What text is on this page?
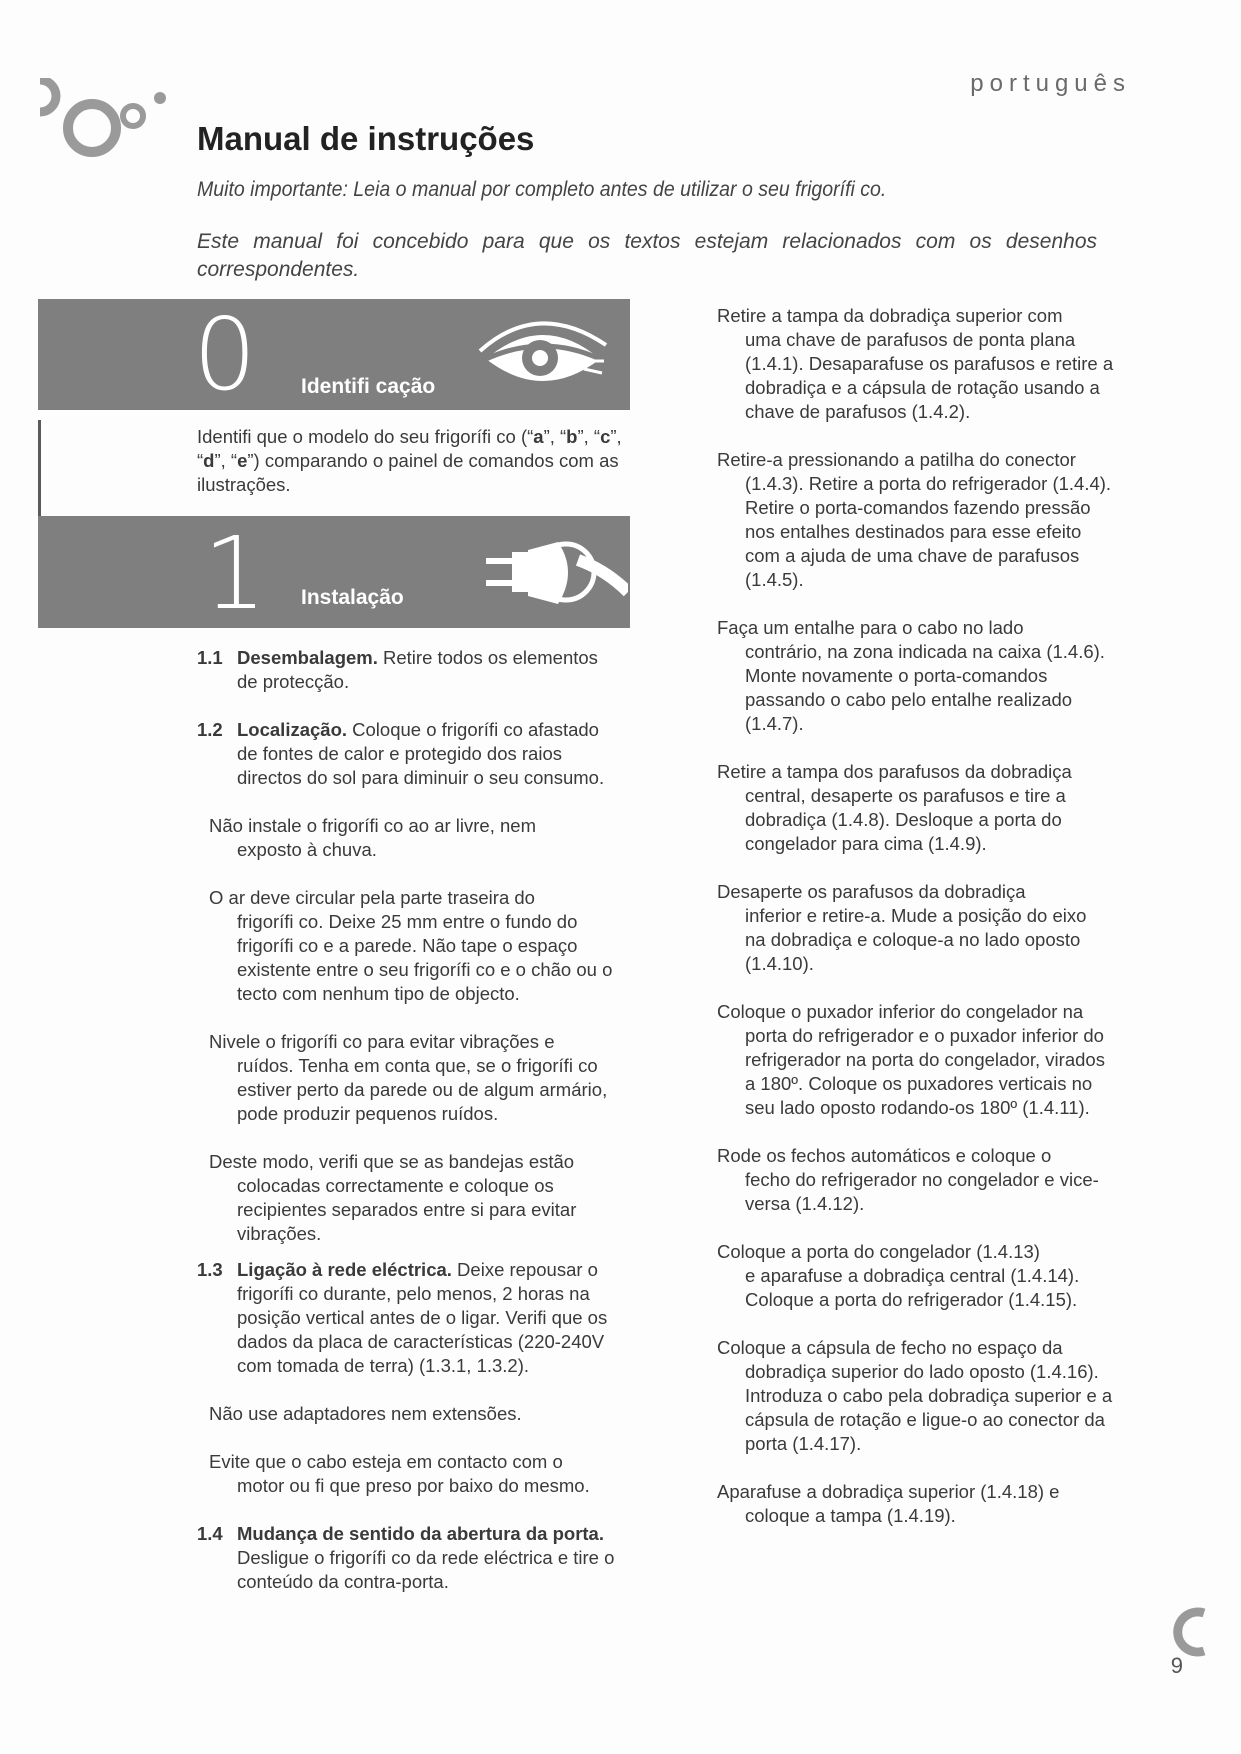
português
Manual de instruções
Muito importante: Leia o manual por completo antes de utilizar o seu frigorífi co.
Este manual foi concebido para que os textos estejam relacionados com os desenhos correspondentes.
0 Identifi cação
Identifi que o modelo do seu frigorífi co (“a”, “b”, “c”, “d”, “e”) comparando o painel de comandos com as ilustrações.
1 Instalação
1.1 Desembalagem. Retire todos os elementos
de protecção.
1.2 Localização. Coloque o frigorífi co afastado
de fontes de calor e protegido dos raios
directos do sol para diminuir o seu consumo.
Não instale o frigorífi co ao ar livre, nem
exposto à chuva.
O ar deve circular pela parte traseira do
frigorífi co. Deixe 25 mm entre o fundo do
frigorífi co e a parede. Não tape o espaço
existente entre o seu frigorífi co e o chão ou o
tecto com nenhum tipo de objecto.
Nivele o frigorífi co para evitar vibrações e
ruídos. Tenha em conta que, se o frigorífi co
estiver perto da parede ou de algum armário,
pode produzir pequenos ruídos.
Deste modo, verifi que se as bandejas estão
colocadas correctamente e coloque os
recipientes separados entre si para evitar
vibrações.
1.3 Ligação à rede eléctrica. Deixe repousar o
frigorífi co durante, pelo menos, 2 horas na
posição vertical antes de o ligar. Verifi que os
dados da placa de características (220-240V
com tomada de terra) (1.3.1, 1.3.2).
Não use adaptadores nem extensões.
Evite que o cabo esteja em contacto com o
motor ou fi que preso por baixo do mesmo.
1.4 Mudança de sentido da abertura da porta.
Desligue o frigorífi co da rede eléctrica e tire o
conteúdo da contra-porta.
Retire a tampa da dobradiça superior com
uma chave de parafusos de ponta plana
(1.4.1). Desaparafuse os parafusos e retire a
dobradiça e a cápsula de rotação usando a
chave de parafusos (1.4.2).
Retire-a pressionando a patilha do conector
(1.4.3). Retire a porta do refrigerador (1.4.4).
Retire o porta-comandos fazendo pressão
nos entalhes destinados para esse efeito
com a ajuda de uma chave de parafusos
(1.4.5).
Faça um entalhe para o cabo no lado
contrário, na zona indicada na caixa (1.4.6).
Monte novamente o porta-comandos
passando o cabo pelo entalhe realizado
(1.4.7).
Retire a tampa dos parafusos da dobradiça
central, desaperte os parafusos e tire a
dobradiça (1.4.8). Desloque a porta do
congelador para cima (1.4.9).
Desaperte os parafusos da dobradiça
inferior e retire-a. Mude a posição do eixo
na dobradiça e coloque-a no lado oposto
(1.4.10).
Coloque o puxador inferior do congelador na
porta do refrigerador e o puxador inferior do
refrigerador na porta do congelador, virados
a 180º. Coloque os puxadores verticais no
seu lado oposto rodando-os 180º (1.4.11).
Rode os fechos automáticos e coloque o
fecho do refrigerador no congelador e vice-
versa (1.4.12).
Coloque a porta do congelador (1.4.13)
e aparafuse a dobradiça central (1.4.14).
Coloque a porta do refrigerador (1.4.15).
Coloque a cápsula de fecho no espaço da
dobradiça superior do lado oposto (1.4.16).
Introduza o cabo pela dobradiça superior e a
cápsula de rotação e ligue-o ao conector da
porta (1.4.17).
Aparafuse a dobradiça superior (1.4.18) e
coloque a tampa (1.4.19).
9
